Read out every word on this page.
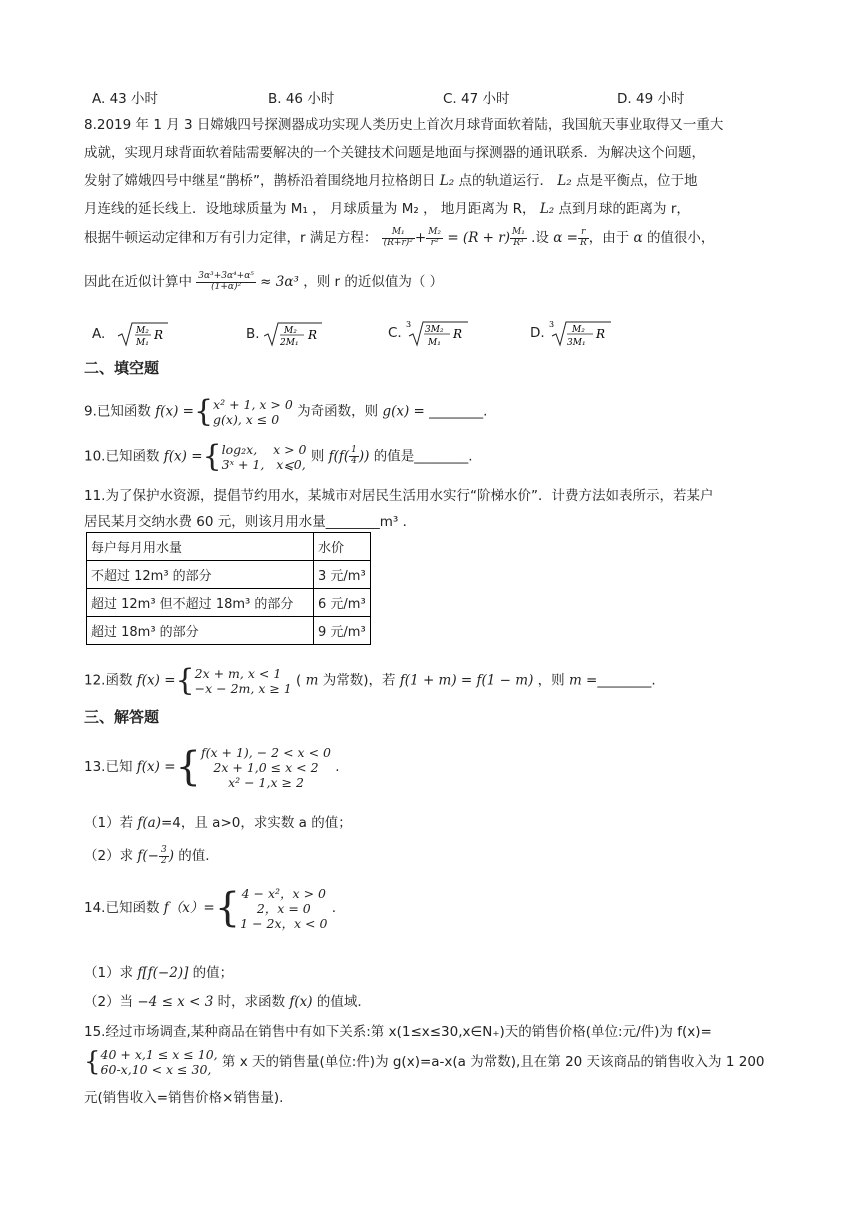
A. 43 小时	B. 46 小时	C. 47 小时	D. 49 小时
8.2019 年 1 月 3 日嫦娥四号探测器成功实现人类历史上首次月球背面软着陆，我国航天事业取得又一重大
成就，实现月球背面软着陆需要解决的一个关键技术问题是地面与探测器的通讯联系．为解决这个问题，
发射了嫦娥四号中继星“鹊桥”，鹊桥沿着围绕地月拉格朗日 L₂ 点的轨道运行． L₂ 点是平衡点，位于地
月连线的延长线上．设地球质量为 M₁ ， 月球质量为 M₂ ， 地月距离为 R， L₂ 点到月球的距离为 r，
根据牛顿运动定律和万有引力定律，r 满足方程： $\frac{\text{M₁}}{\text{(R+r)²}} + \frac{\text{M₂}}{\text{r²}} = (R + r) \frac{\text{M₁}}{\text{R³}}$ .设 $\alpha = \frac{r}{R}$ ，由于 α 的值很小，
因此在近似计算中 $\frac{\text{3α³+3α⁴+α⁵}}{\text{(1+α)²}} \approx 3\alpha^3$ ，则 r 的近似值为（ ）
A.	M₂
M₁
R	B.	M₂
2M₁
R	C.
3
3M₂
M₁
R	D.
3
M₂
3M₁
R
二、填空题
9.已知函数 f(x) ={x² + 1, x > 0
g(x), x ≤ 0 为奇函数，则 g(x) = ________.
10.已知函数 f(x) ={log₂x,    x > 0
3ˣ + 1,   x⩽0, 则 $f(f( \frac{1}{4}$ )) 的值是________.
11.为了保护水资源，提倡节约用水，某城市对居民生活用水实行“阶梯水价”．计费方法如表所示，若某户
居民某月交纳水费 60 元，则该月用水量________m³ ．
每户每月用水量	水价
不超过 12m³ 的部分	3 元/m³
超过 12m³ 但不超过 18m³ 的部分	6 元/m³
超过 18m³ 的部分	9 元/m³
12.函数 f(x) ={2x + m, x < 1
−x − 2m, x ≥ 1 ( m 为常数)，若 f(1 + m) = f(1 − m) ，则 m =________.
三、解答题
13.已知 f(x) ={f(x + 1), − 2 < x < 0
2x + 1,0 ≤ x < 2
x² − 1,x ≥ 2 .
（1）若 f(a)=4，且 a>0，求实数 a 的值；
（2）求 $f(- \frac{3}{2}$ ) 的值.
14.已知函数 f（x）={4 − x²，x > 0
2，x = 0
1 − 2x，x < 0 .
（1）求 f[f(−2)] 的值；
（2）当 −4 ≤ x < 3 时，求函数 f(x) 的值域.
15.经过市场调查,某种商品在销售中有如下关系:第 x(1≤x≤30,x∈N₊)天的销售价格(单位:元/件)为 f(x)=
{40 + x,1 ≤ x ≤ 10,
60-x,10 < x ≤ 30, 第 x 天的销售量(单位:件)为 g(x)=a-x(a 为常数),且在第 20 天该商品的销售收入为 1 200
元(销售收入=销售价格×销售量).
